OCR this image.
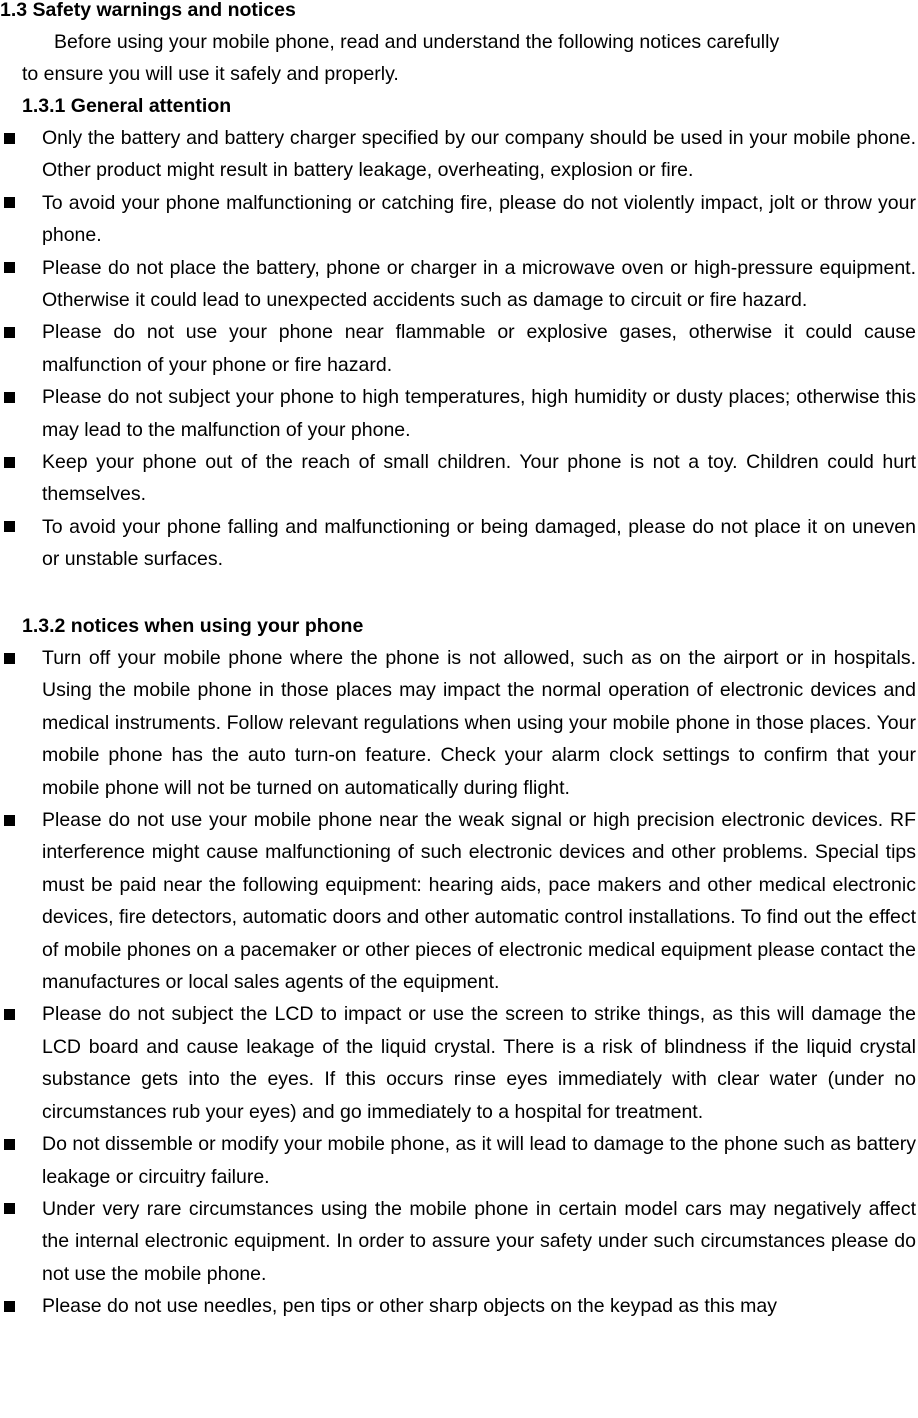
1.3 Safety warnings and notices
Before using your mobile phone, read and understand the following notices carefully
to ensure you will use it safely and properly.
1.3.1 General attention
Only the battery and battery charger specified by our company should be used in your mobile phone. Other product might result in battery leakage, overheating, explosion or fire.
To avoid your phone malfunctioning or catching fire, please do not violently impact, jolt or throw your phone.
Please do not place the battery, phone or charger in a microwave oven or high-pressure equipment. Otherwise it could lead to unexpected accidents such as damage to circuit or fire hazard.
Please do not use your phone near flammable or explosive gases, otherwise it could cause malfunction of your phone or fire hazard.
Please do not subject your phone to high temperatures, high humidity or dusty places; otherwise this may lead to the malfunction of your phone.
Keep your phone out of the reach of small children. Your phone is not a toy. Children could hurt themselves.
To avoid your phone falling and malfunctioning or being damaged, please do not place it on uneven or unstable surfaces.
1.3.2 notices when using your phone
Turn off your mobile phone where the phone is not allowed, such as on the airport or in hospitals. Using the mobile phone in those places may impact the normal operation of electronic devices and medical instruments. Follow relevant regulations when using your mobile phone in those places. Your mobile phone has the auto turn-on feature. Check your alarm clock settings to confirm that your mobile phone will not be turned on automatically during flight.
Please do not use your mobile phone near the weak signal or high precision electronic devices. RF interference might cause malfunctioning of such electronic devices and other problems. Special tips must be paid near the following equipment: hearing aids, pace makers and other medical electronic devices, fire detectors, automatic doors and other automatic control installations. To find out the effect of mobile phones on a pacemaker or other pieces of electronic medical equipment please contact the manufactures or local sales agents of the equipment.
Please do not subject the LCD to impact or use the screen to strike things, as this will damage the LCD board and cause leakage of the liquid crystal. There is a risk of blindness if the liquid crystal substance gets into the eyes. If this occurs rinse eyes immediately with clear water (under no circumstances rub your eyes) and go immediately to a hospital for treatment.
Do not dissemble or modify your mobile phone, as it will lead to damage to the phone such as battery leakage or circuitry failure.
Under very rare circumstances using the mobile phone in certain model cars may negatively affect the internal electronic equipment. In order to assure your safety under such circumstances please do not use the mobile phone.
Please do not use needles, pen tips or other sharp objects on the keypad as this may
